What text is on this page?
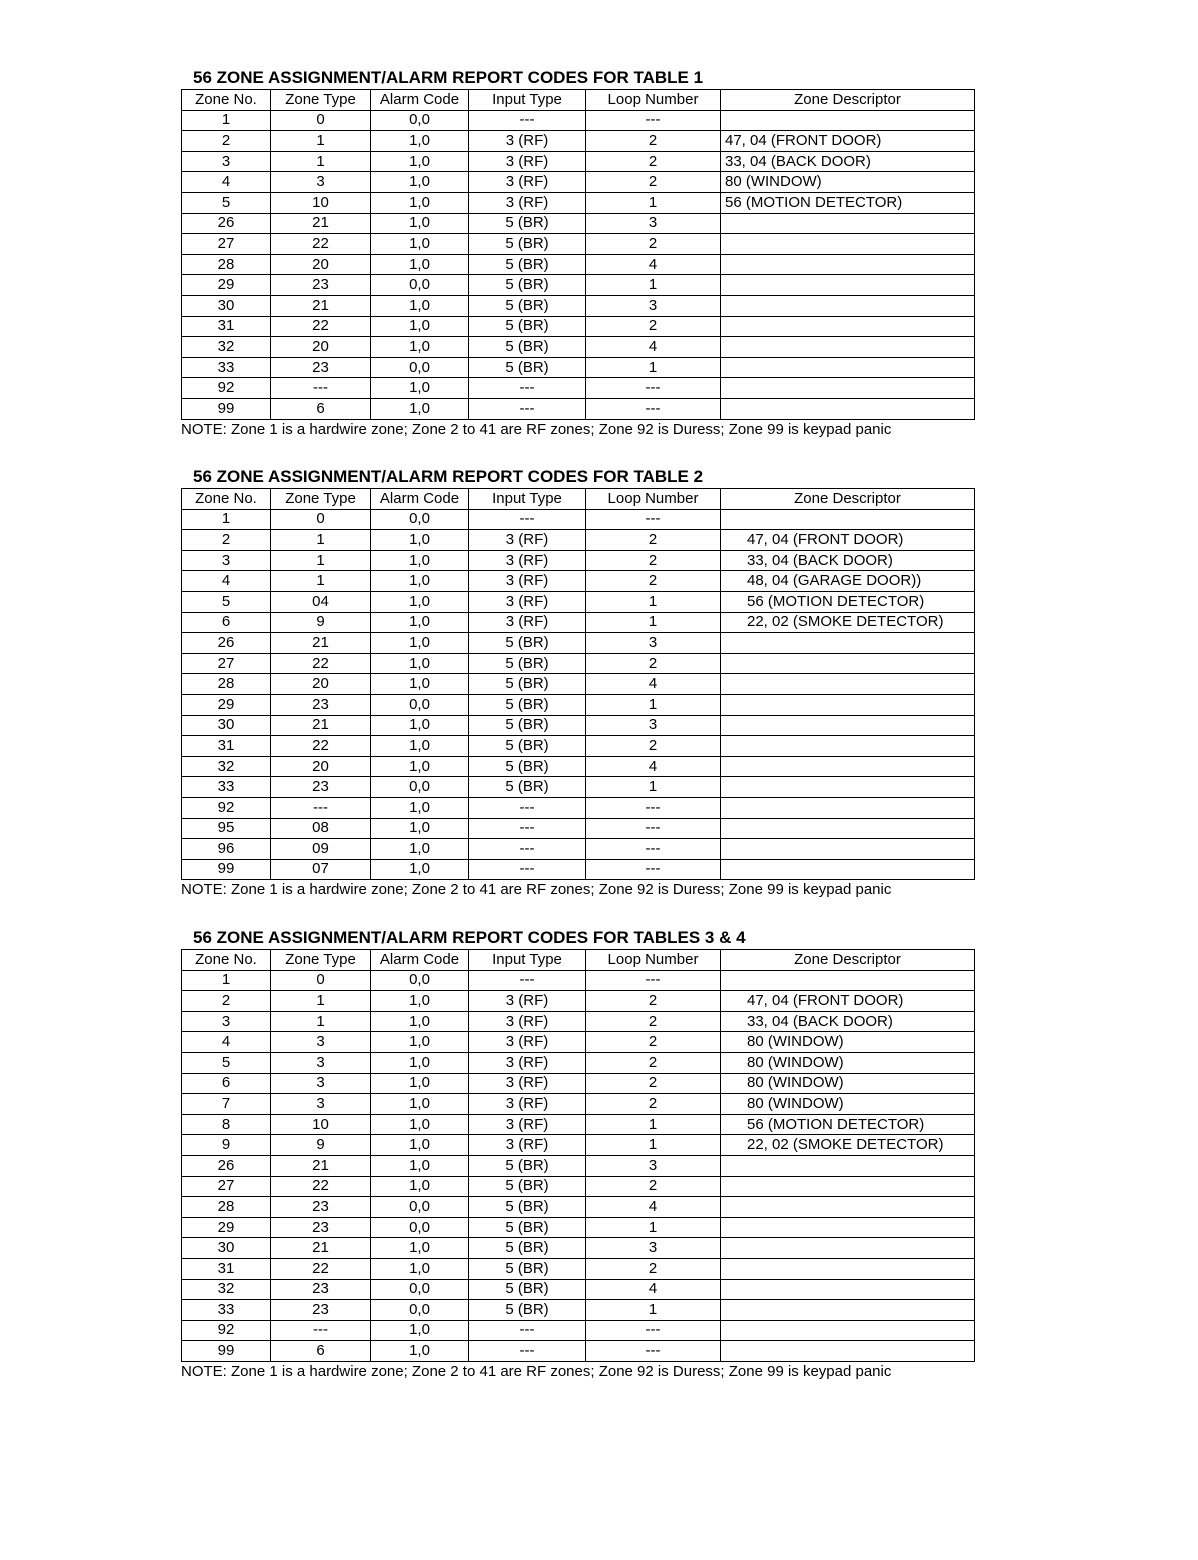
56 ZONE ASSIGNMENT/ALARM REPORT CODES FOR TABLE 1
Zone No.	Zone Type	Alarm Code	Input Type	Loop Number	Zone Descriptor
1	0	0,0	---	---	
2	1	1,0	3 (RF)	2	47, 04 (FRONT DOOR)
3	1	1,0	3 (RF)	2	33, 04 (BACK DOOR)
4	3	1,0	3 (RF)	2	80 (WINDOW)
5	10	1,0	3 (RF)	1	56 (MOTION DETECTOR)
26	21	1,0	5 (BR)	3	
27	22	1,0	5 (BR)	2	
28	20	1,0	5 (BR)	4	
29	23	0,0	5 (BR)	1	
30	21	1,0	5 (BR)	3	
31	22	1,0	5 (BR)	2	
32	20	1,0	5 (BR)	4	
33	23	0,0	5 (BR)	1	
92	---	1,0	---	---	
99	6	1,0	---	---	
NOTE: Zone 1 is a hardwire zone; Zone 2 to 41 are RF zones; Zone 92 is Duress; Zone 99 is keypad panic
56 ZONE ASSIGNMENT/ALARM REPORT CODES FOR TABLE 2
Zone No.	Zone Type	Alarm Code	Input Type	Loop Number	Zone Descriptor
1	0	0,0	---	---	
2	1	1,0	3 (RF)	2	47, 04 (FRONT DOOR)
3	1	1,0	3 (RF)	2	33, 04 (BACK DOOR)
4	1	1,0	3 (RF)	2	48, 04 (GARAGE DOOR))
5	04	1,0	3 (RF)	1	56 (MOTION DETECTOR)
6	9	1,0	3 (RF)	1	22, 02 (SMOKE DETECTOR)
26	21	1,0	5 (BR)	3	
27	22	1,0	5 (BR)	2	
28	20	1,0	5 (BR)	4	
29	23	0,0	5 (BR)	1	
30	21	1,0	5 (BR)	3	
31	22	1,0	5 (BR)	2	
32	20	1,0	5 (BR)	4	
33	23	0,0	5 (BR)	1	
92	---	1,0	---	---	
95	08	1,0	---	---	
96	09	1,0	---	---	
99	07	1,0	---	---	
NOTE: Zone 1 is a hardwire zone; Zone 2 to 41 are RF zones; Zone 92 is Duress; Zone 99 is keypad panic
56 ZONE ASSIGNMENT/ALARM REPORT CODES FOR TABLES 3 & 4
Zone No.	Zone Type	Alarm Code	Input Type	Loop Number	Zone Descriptor
1	0	0,0	---	---	
2	1	1,0	3 (RF)	2	47, 04 (FRONT DOOR)
3	1	1,0	3 (RF)	2	33, 04 (BACK DOOR)
4	3	1,0	3 (RF)	2	80 (WINDOW)
5	3	1,0	3 (RF)	2	80 (WINDOW)
6	3	1,0	3 (RF)	2	80 (WINDOW)
7	3	1,0	3 (RF)	2	80 (WINDOW)
8	10	1,0	3 (RF)	1	56 (MOTION DETECTOR)
9	9	1,0	3 (RF)	1	22, 02 (SMOKE DETECTOR)
26	21	1,0	5 (BR)	3	
27	22	1,0	5 (BR)	2	
28	23	0,0	5 (BR)	4	
29	23	0,0	5 (BR)	1	
30	21	1,0	5 (BR)	3	
31	22	1,0	5 (BR)	2	
32	23	0,0	5 (BR)	4	
33	23	0,0	5 (BR)	1	
92	---	1,0	---	---	
99	6	1,0	---	---	
NOTE: Zone 1 is a hardwire zone; Zone 2 to 41 are RF zones; Zone 92 is Duress; Zone 99 is keypad panic
